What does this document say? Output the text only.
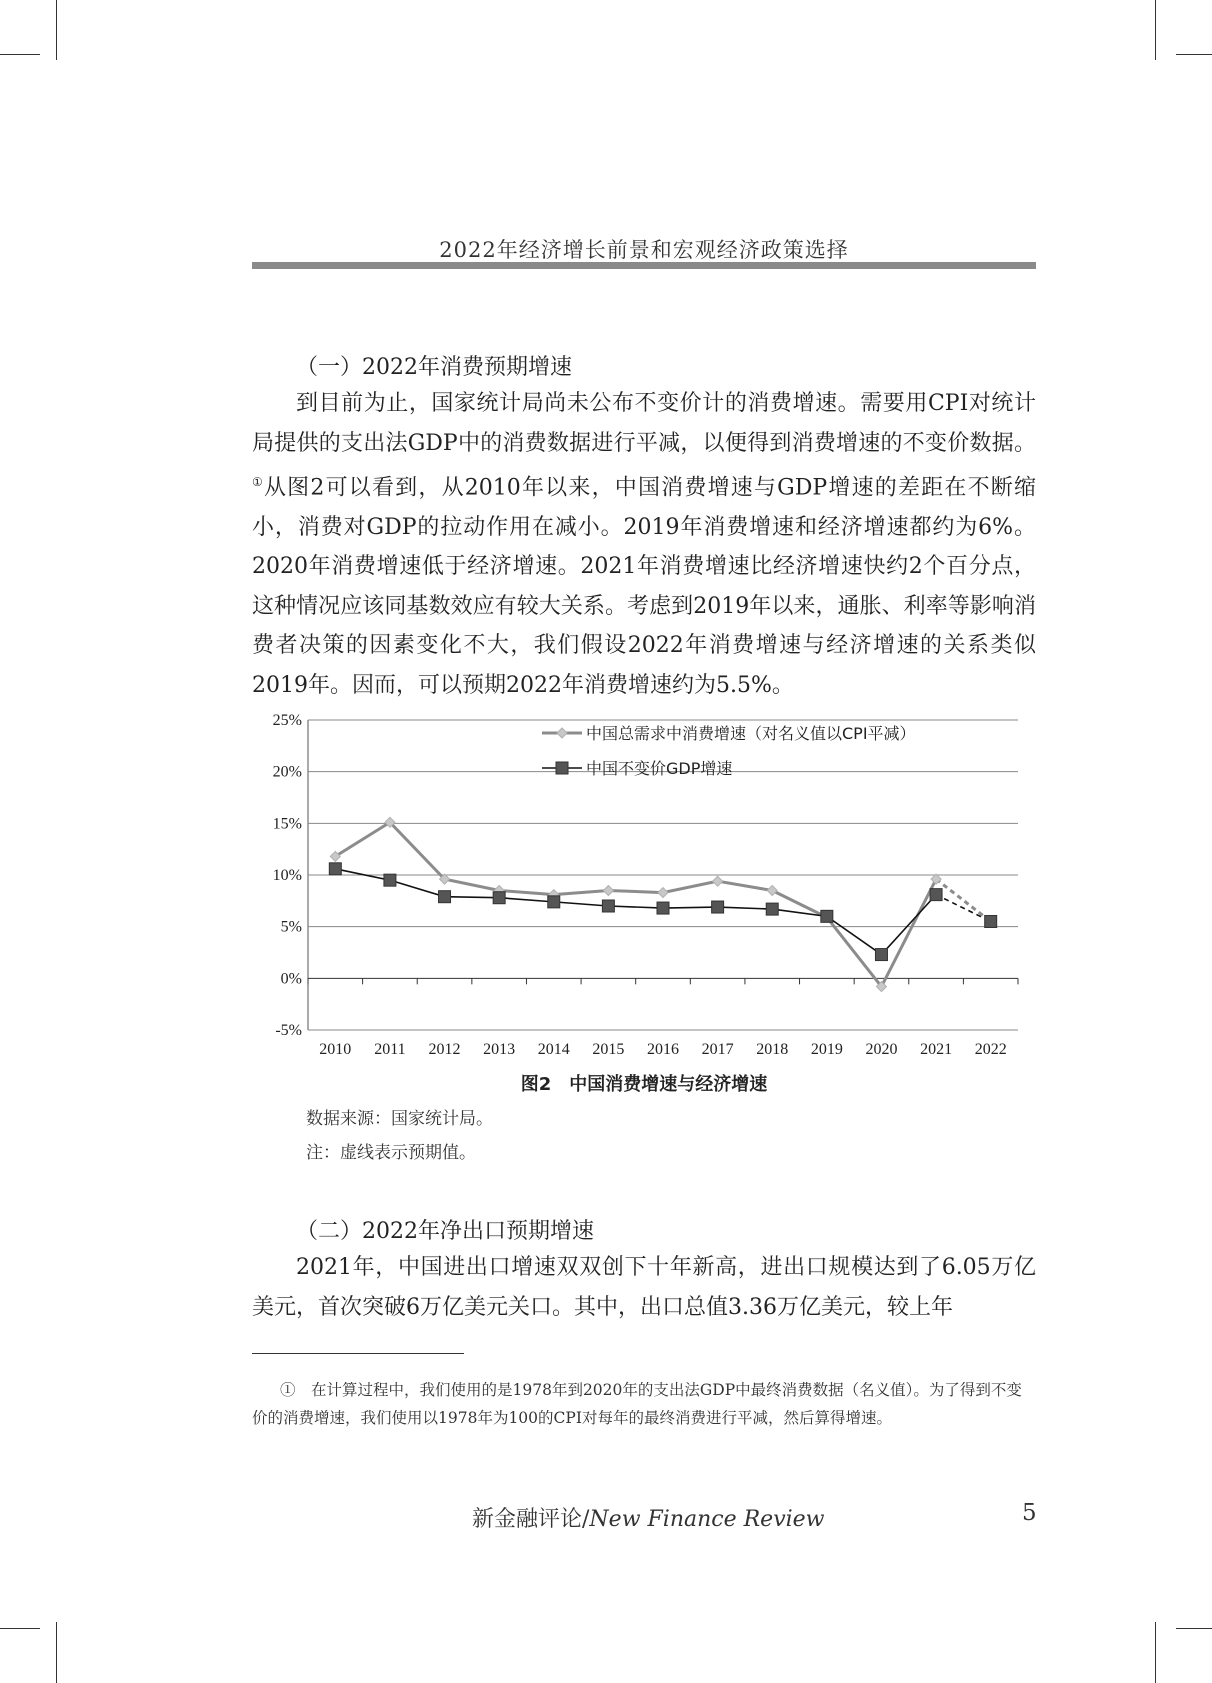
2022年经济增长前景和宏观经济政策选择
（一）2022年消费预期增速

到目前为止，国家统计局尚未公布不变价计的消费增速。需要用CPI对统计局提供的支出法GDP中的消费数据进行平减，以便得到消费增速的不变价数据。①从图2可以看到，从2010年以来，中国消费增速与GDP增速的差距在不断缩小，消费对GDP的拉动作用在减小。2019年消费增速和经济增速都约为6%。2020年消费增速低于经济增速。2021年消费增速比经济增速快约2个百分点，这种情况应该同基数效应有较大关系。考虑到2019年以来，通胀、利率等影响消费者决策的因素变化不大，我们假设2022年消费增速与经济增速的关系类似2019年。因而，可以预期2022年消费增速约为5.5%。

-5%
0%
5%
10%
15%
20%
25%
2010 2011 2012 2013 2014 2015 2016 2017 2018 2019 2020 2021 2022
中国总需求中消费增速（对名义值以CPI平减）
中国不变价GDP增速
图2　中国消费增速与经济增速
数据来源：国家统计局。
注：虚线表示预期值。
（二）2022年净出口预期增速

2021年，中国进出口增速双双创下十年新高，进出口规模达到了6.05万亿美元，首次突破6万亿美元关口。其中，出口总值3.36万亿美元，较上年

①　在计算过程中，我们使用的是1978年到2020年的支出法GDP中最终消费数据（名义值）。为了得到不变价的消费增速，我们使用以1978年为100的CPI对每年的最终消费进行平减，然后算得增速。

新金融评论/New Finance Review	5
